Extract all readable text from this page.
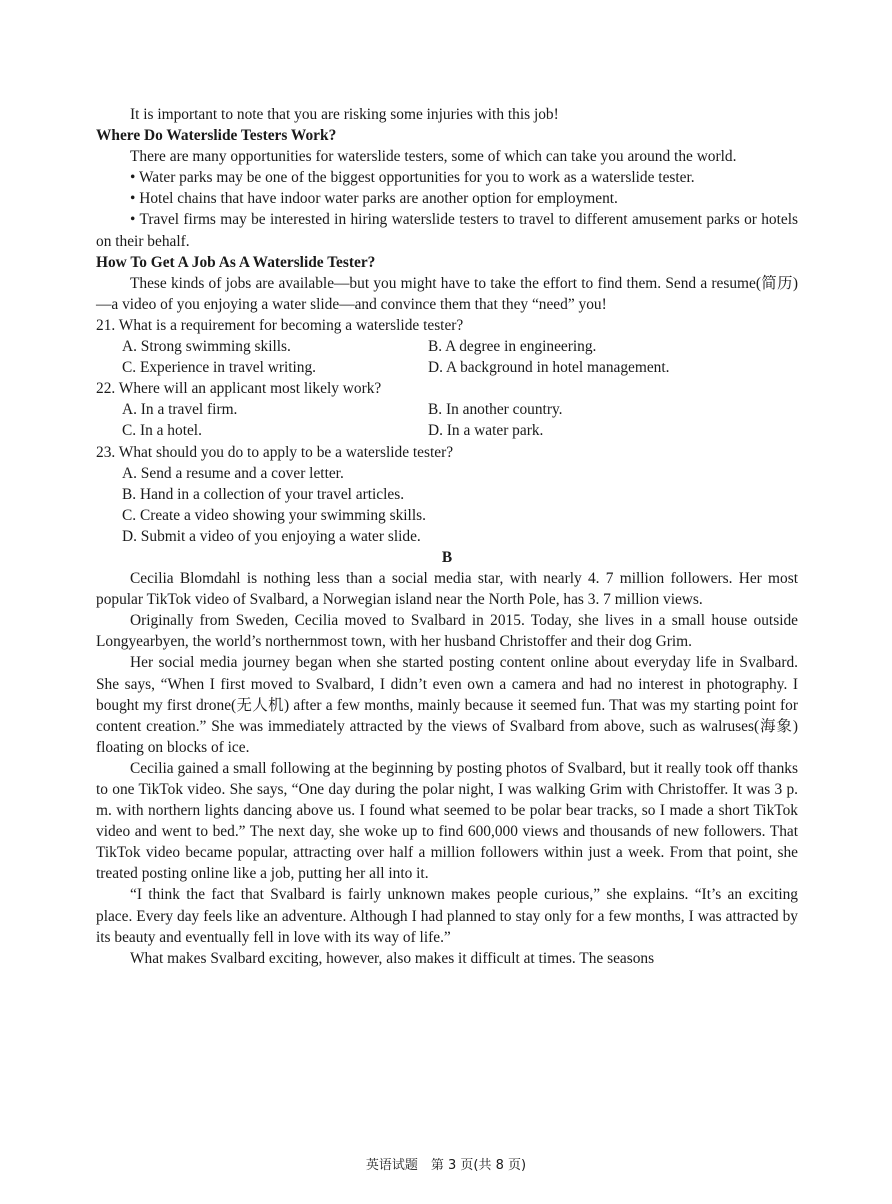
It is important to note that you are risking some injuries with this job!

Where Do Waterslide Testers Work?

There are many opportunities for waterslide testers, some of which can take you around the world.

• Water parks may be one of the biggest opportunities for you to work as a waterslide tester.

• Hotel chains that have indoor water parks are another option for employment.

• Travel firms may be interested in hiring waterslide testers to travel to different amusement parks or hotels on their behalf.

How To Get A Job As A Waterslide Tester?

These kinds of jobs are available—but you might have to take the effort to find them. Send a resume(简历)—a video of you enjoying a water slide—and convince them that they “need” you!

21. What is a requirement for becoming a waterslide tester?

A. Strong swimming skills.	B. A degree in engineering.
C. Experience in travel writing.	D. A background in hotel management.

22. Where will an applicant most likely work?

A. In a travel firm.	B. In another country.
C. In a hotel.	D. In a water park.

23. What should you do to apply to be a waterslide tester?

A. Send a resume and a cover letter.
B. Hand in a collection of your travel articles.
C. Create a video showing your swimming skills.
D. Submit a video of you enjoying a water slide.

B

Cecilia Blomdahl is nothing less than a social media star, with nearly 4. 7 million followers. Her most popular TikTok video of Svalbard, a Norwegian island near the North Pole, has 3. 7 million views.

Originally from Sweden, Cecilia moved to Svalbard in 2015. Today, she lives in a small house outside Longyearbyen, the world’s northernmost town, with her husband Christoffer and their dog Grim.

Her social media journey began when she started posting content online about everyday life in Svalbard. She says, “When I first moved to Svalbard, I didn’t even own a camera and had no interest in photography. I bought my first drone(无人机) after a few months, mainly because it seemed fun. That was my starting point for content creation.” She was immediately attracted by the views of Svalbard from above, such as walruses(海象) floating on blocks of ice.

Cecilia gained a small following at the beginning by posting photos of Svalbard, but it really took off thanks to one TikTok video. She says, “One day during the polar night, I was walking Grim with Christoffer. It was 3 p. m. with northern lights dancing above us. I found what seemed to be polar bear tracks, so I made a short TikTok video and went to bed.” The next day, she woke up to find 600,000 views and thousands of new followers. That TikTok video became popular, attracting over half a million followers within just a week. From that point, she treated posting online like a job, putting her all into it.

“I think the fact that Svalbard is fairly unknown makes people curious,” she explains. “It’s an exciting place. Every day feels like an adventure. Although I had planned to stay only for a few months, I was attracted by its beauty and eventually fell in love with its way of life.”

What makes Svalbard exciting, however, also makes it difficult at times. The seasons

英语试题　第 3 页(共 8 页)
